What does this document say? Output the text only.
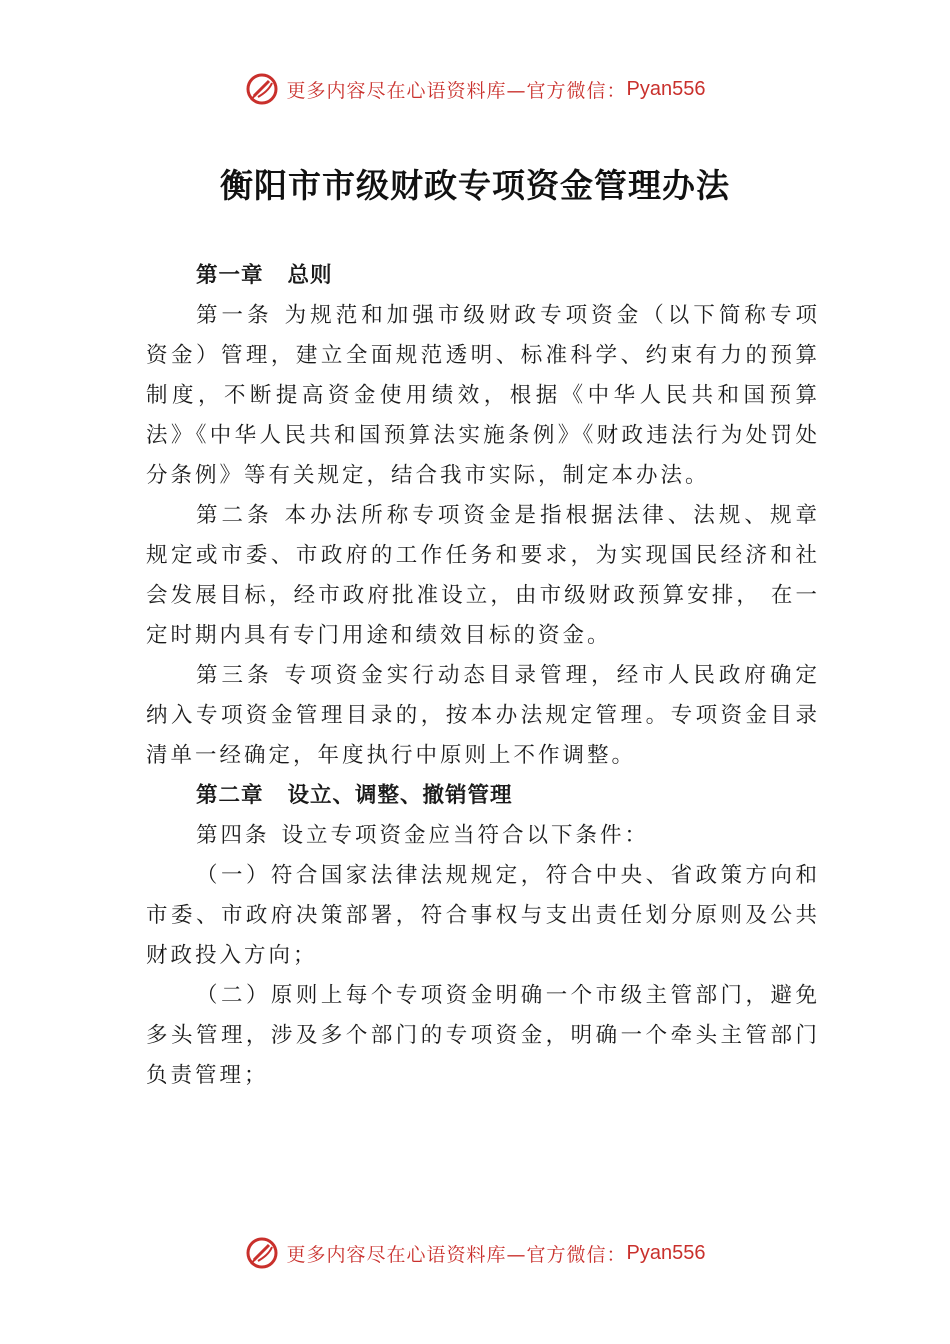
更多内容尽在心语资料库—官方微信： Pyan556
衡阳市市级财政专项资金管理办法
第一章 总则

第一条 为规范和加强市级财政专项资金（以下简称专项资金）管理，建立全面规范透明、标准科学、约束有力的预算制度，不断提高资金使用绩效，根据《中华人民共和国预算法》《中华人民共和国预算法实施条例》《财政违法行为处罚处分条例》等有关规定，结合我市实际，制定本办法。

第二条 本办法所称专项资金是指根据法律、法规、规章规定或市委、市政府的工作任务和要求，为实现国民经济和社会发展目标，经市政府批准设立，由市级财政预算安排， 在一定时期内具有专门用途和绩效目标的资金。

第三条 专项资金实行动态目录管理，经市人民政府确定纳入专项资金管理目录的，按本办法规定管理。专项资金目录清单一经确定，年度执行中原则上不作调整。

第二章 设立、调整、撤销管理

第四条 设立专项资金应当符合以下条件：

（一）符合国家法律法规规定，符合中央、省政策方向和市委、市政府决策部署，符合事权与支出责任划分原则及公共财政投入方向；

（二）原则上每个专项资金明确一个市级主管部门，避免多头管理，涉及多个部门的专项资金，明确一个牵头主管部门负责管理；

更多内容尽在心语资料库—官方微信： Pyan556
